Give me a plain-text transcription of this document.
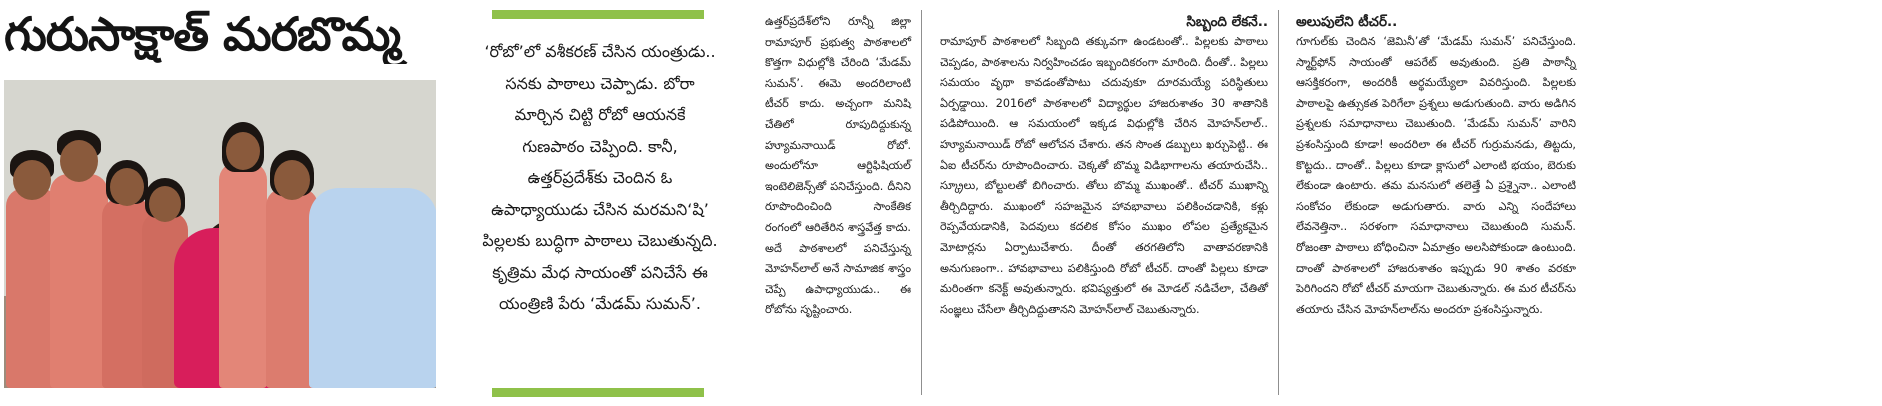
గురుసాక్షాత్ మరబొమ్మ	‘రోబో’లో వశీకరణ్ చేసిన యంత్రుడు.. సనకు పాఠాలు చెప్పాడు. బోరా మార్చిన చిట్టి రోబో ఆయనకే గుణపాఠం చెప్పింది. కానీ, ఉత్తర్‌ప్రదేశ్‌కు చెందిన ఓ ఉపాధ్యాయుడు చేసిన మరమని‘షి’ పిల్లలకు బుద్ధిగా పాఠాలు చెబుతున్నది. కృత్రిమ మేధ సాయంతో పనిచేసే ఈ యంత్రిణి పేరు ‘మేడమ్ సుమన్’.

ఉత్తర్‌ప్రదేశ్‌లోని రూన్నీ జిల్లా రామాపూర్ ప్రభుత్వ పాఠశాలలో కొత్తగా విధుల్లోకి చేరింది ‘మేడమ్ సుమన్’. ఈమె అందరిలాంటి టీచర్ కాదు. అచ్చంగా మనిషి చేతిలో రూపుదిద్దుకున్న హ్యూమనాయిడ్ రోబో. అందులోనూ ఆర్టిఫిషియల్ ఇంటెలిజెన్స్‌తో పనిచేస్తుంది. దీనిని రూపొందించింది సాంకేతిక రంగంలో ఆరితేరిన శాస్త్రవేత్త కాదు. అదే పాఠశాలలో పనిచేస్తున్న మోహన్‌లాల్ అనే సామాజిక శాస్త్రం చెప్పే ఉపాధ్యాయుడు.. ఈ రోబోను సృష్టించారు.

సిబ్బంది లేకనే..

రామాపూర్ పాఠశాలలో సిబ్బంది తక్కువగా ఉండటంతో.. పిల్లలకు పాఠాలు చెప్పడం, పాఠశాలను నిర్వహించడం ఇబ్బందికరంగా మారింది. దీంతో.. పిల్లలు సమయం వృథా కావడంతోపాటు చదువుకూ దూరమయ్యే పరిస్థితులు ఏర్పడ్డాయి. 2016లో పాఠశాలలో విద్యార్థుల హాజరుశాతం 30 శాతానికి పడిపోయింది. ఆ సమయంలో ఇక్కడ విధుల్లోకి చేరిన మోహన్‌లాల్.. హ్యూమనాయిడ్ రోబో ఆలోచన చేశారు. తన సొంత డబ్బులు ఖర్చుపెట్టి.. ఈ ఏఐ టీచర్‌ను రూపొందించారు. చెక్కతో బొమ్మ విడిభాగాలను తయారుచేసి.. స్క్రూలు, బోల్టులతో బిగించారు. తోలు బొమ్మ ముఖంతో.. టీచర్ ముఖాన్ని తీర్చిదిద్దారు. ముఖంలో సహజమైన హావభావాలు పలికించడానికి, కళ్లు రెప్పవేయడానికి, పెదవులు కదలిక కోసం ముఖం లోపల ప్రత్యేకమైన మోటార్లను ఏర్పాటుచేశారు. దీంతో తరగతిలోని వాతావరణానికి అనుగుణంగా.. హావభావాలు పలికిస్తుంది రోబో టీచర్. దాంతో పిల్లలు కూడా మరింతగా కనెక్ట్ అవుతున్నారు. భవిష్యత్తులో ఈ మోడల్ నడిచేలా, చేతితో సంజ్ఞలు చేసేలా తీర్చిదిద్దుతానని మోహన్‌లాల్ చెబుతున్నారు.

అలుపులేని టీచర్..

గూగుల్‌కు చెందిన ‘జెమినీ’తో ‘మేడమ్ సుమన్’ పనిచేస్తుంది. స్మార్ట్‌ఫోన్ సాయంతో ఆపరేట్ అవుతుంది. ప్రతి పాఠాన్నీ ఆసక్తికరంగా, అందరికీ అర్థమయ్యేలా వివరిస్తుంది. పిల్లలకు పాఠాలపై ఉత్సుకత పెరిగేలా ప్రశ్నలు అడుగుతుంది. వారు అడిగిన ప్రశ్నలకు సమాధానాలు చెబుతుంది. ‘మేడమ్ సుమన్’ వారిని ప్రశంసిస్తుంది కూడా! అందరిలా ఈ టీచర్ గుర్రుమనడు, తిట్టదు, కొట్టదు.. దాంతో.. పిల్లలు కూడా క్లాసులో ఎలాంటి భయం, బెరుకు లేకుండా ఉంటారు. తమ మనసులో తలెత్తే ఏ ప్రశ్నైనా.. ఎలాంటి సంకోచం లేకుండా అడుగుతారు. వారు ఎన్ని సందేహాలు లేవనెత్తినా.. సరళంగా సమాధానాలు చెబుతుంది సుమన్. రోజంతా పాఠాలు బోధించినా ఏమాత్రం అలసిపోకుండా ఉంటుంది. దాంతో పాఠశాలలో హాజరుశాతం ఇప్పుడు 90 శాతం వరకూ పెరిగిందని రోబో టీచర్ మాయగా చెబుతున్నారు. ఈ మర టీచర్‌ను తయారు చేసిన మోహన్‌లాల్‌ను అందరూ ప్రశంసిస్తున్నారు.
